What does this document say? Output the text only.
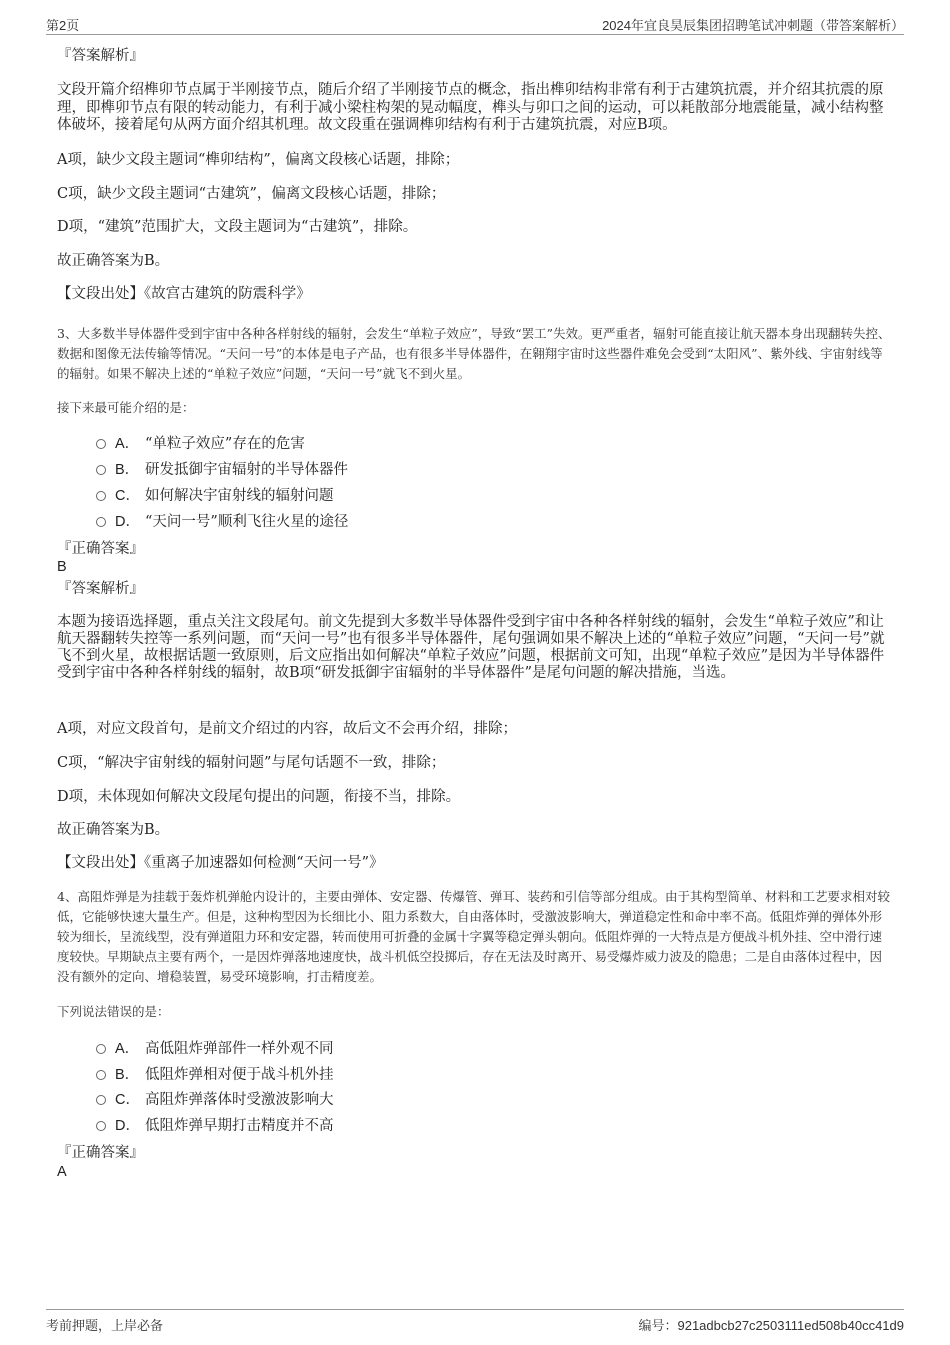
第2页	2024年宜良昊辰集团招聘笔试冲刺题（带答案解析）
『答案解析』
文段开篇介绍榫卯节点属于半刚接节点，随后介绍了半刚接节点的概念，指出榫卯结构非常有利于古建筑抗震，并介绍其抗震的原理，即榫卯节点有限的转动能力，有利于减小梁柱构架的晃动幅度，榫头与卯口之间的运动，可以耗散部分地震能量，减小结构整体破坏，接着尾句从两方面介绍其机理。故文段重在强调榫卯结构有利于古建筑抗震，对应B项。
A项，缺少文段主题词“榫卯结构”，偏离文段核心话题，排除；
C项，缺少文段主题词“古建筑”，偏离文段核心话题，排除；
D项，“建筑”范围扩大，文段主题词为“古建筑”，排除。
故正确答案为B。
【文段出处】《故宫古建筑的防震科学》
3、大多数半导体器件受到宇宙中各种各样射线的辐射，会发生“单粒子效应”，导致“罢工”失效。更严重者，辐射可能直接让航天器本身出现翻转失控、数据和图像无法传输等情况。“天问一号”的本体是电子产品，也有很多半导体器件，在翱翔宇宙时这些器件难免会受到“太阳风”、紫外线、宇宙射线等的辐射。如果不解决上述的“单粒子效应”问题，“天问一号”就飞不到火星。
接下来最可能介绍的是：
A． “单粒子效应”存在的危害
B． 研发抵御宇宙辐射的半导体器件
C． 如何解决宇宙射线的辐射问题
D． “天问一号”顺利飞往火星的途径
『正确答案』
B
『答案解析』
本题为接语选择题，重点关注文段尾句。前文先提到大多数半导体器件受到宇宙中各种各样射线的辐射，会发生“单粒子效应”和让航天器翻转失控等一系列问题，而“天问一号”也有很多半导体器件，尾句强调如果不解决上述的“单粒子效应”问题，“天问一号”就飞不到火星，故根据话题一致原则，后文应指出如何解决“单粒子效应”问题，根据前文可知，出现“单粒子效应”是因为半导体器件受到宇宙中各种各样射线的辐射，故B项“研发抵御宇宙辐射的半导体器件”是尾句问题的解决措施，当选。
A项，对应文段首句，是前文介绍过的内容，故后文不会再介绍，排除；
C项，“解决宇宙射线的辐射问题”与尾句话题不一致，排除；
D项，未体现如何解决文段尾句提出的问题，衔接不当，排除。
故正确答案为B。
【文段出处】《重离子加速器如何检测“天问一号”》
4、高阻炸弹是为挂载于轰炸机弹舱内设计的，主要由弹体、安定器、传爆管、弹耳、装药和引信等部分组成。由于其构型简单、材料和工艺要求相对较低，它能够快速大量生产。但是，这种构型因为长细比小、阻力系数大，自由落体时，受激波影响大，弹道稳定性和命中率不高。低阻炸弹的弹体外形较为细长，呈流线型，没有弹道阻力环和安定器，转而使用可折叠的金属十字翼等稳定弹头朝向。低阻炸弹的一大特点是方便战斗机外挂、空中滑行速度较快。早期缺点主要有两个，一是因炸弹落地速度快，战斗机低空投掷后，存在无法及时离开、易受爆炸威力波及的隐患；二是自由落体过程中，因没有额外的定向、增稳装置，易受环境影响，打击精度差。
下列说法错误的是：
A． 高低阻炸弹部件一样外观不同
B． 低阻炸弹相对便于战斗机外挂
C． 高阻炸弹落体时受激波影响大
D． 低阻炸弹早期打击精度并不高
『正确答案』
A
考前押题，上岸必备	编号：921adbcb27c2503111ed508b40cc41d9
